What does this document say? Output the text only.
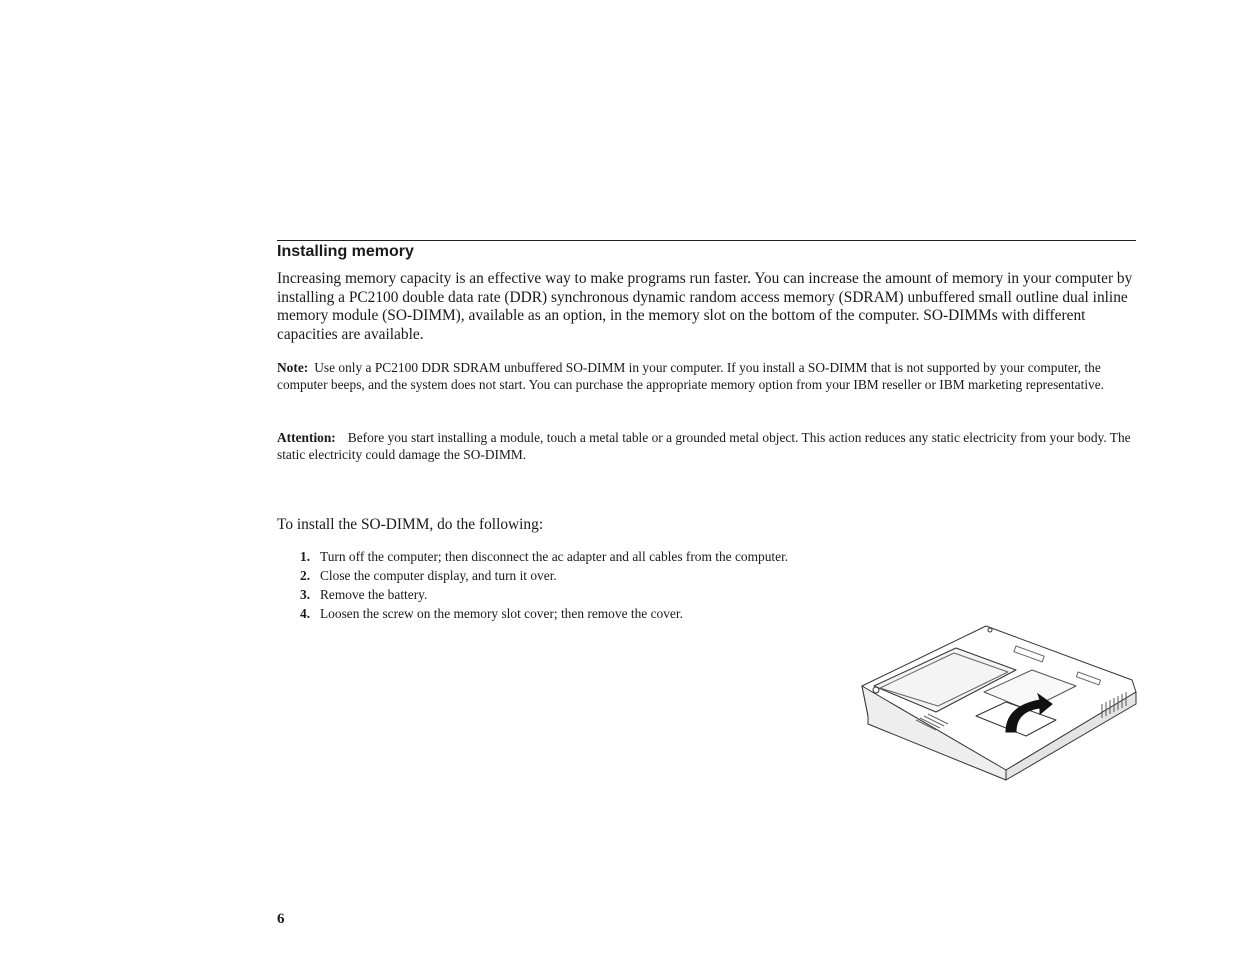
Installing memory

Increasing memory capacity is an effective way to make programs run faster. You can increase the amount of memory in your computer by installing a PC2100 double data rate (DDR) synchronous dynamic random access memory (SDRAM) unbuffered small outline dual inline memory module (SO-DIMM), available as an option, in the memory slot on the bottom of the computer. SO-DIMMs with different capacities are available.

Note: Use only a PC2100 DDR SDRAM unbuffered SO-DIMM in your computer. If you install a SO-DIMM that is not supported by your computer, the computer beeps, and the system does not start. You can purchase the appropriate memory option from your IBM reseller or IBM marketing representative.

Attention: Before you start installing a module, touch a metal table or a grounded metal object. This action reduces any static electricity from your body. The static electricity could damage the SO-DIMM.

To install the SO-DIMM, do the following:

1. Turn off the computer; then disconnect the ac adapter and all cables from the computer.
2. Close the computer display, and turn it over.
3. Remove the battery.
4. Loosen the screw on the memory slot cover; then remove the cover.
6
